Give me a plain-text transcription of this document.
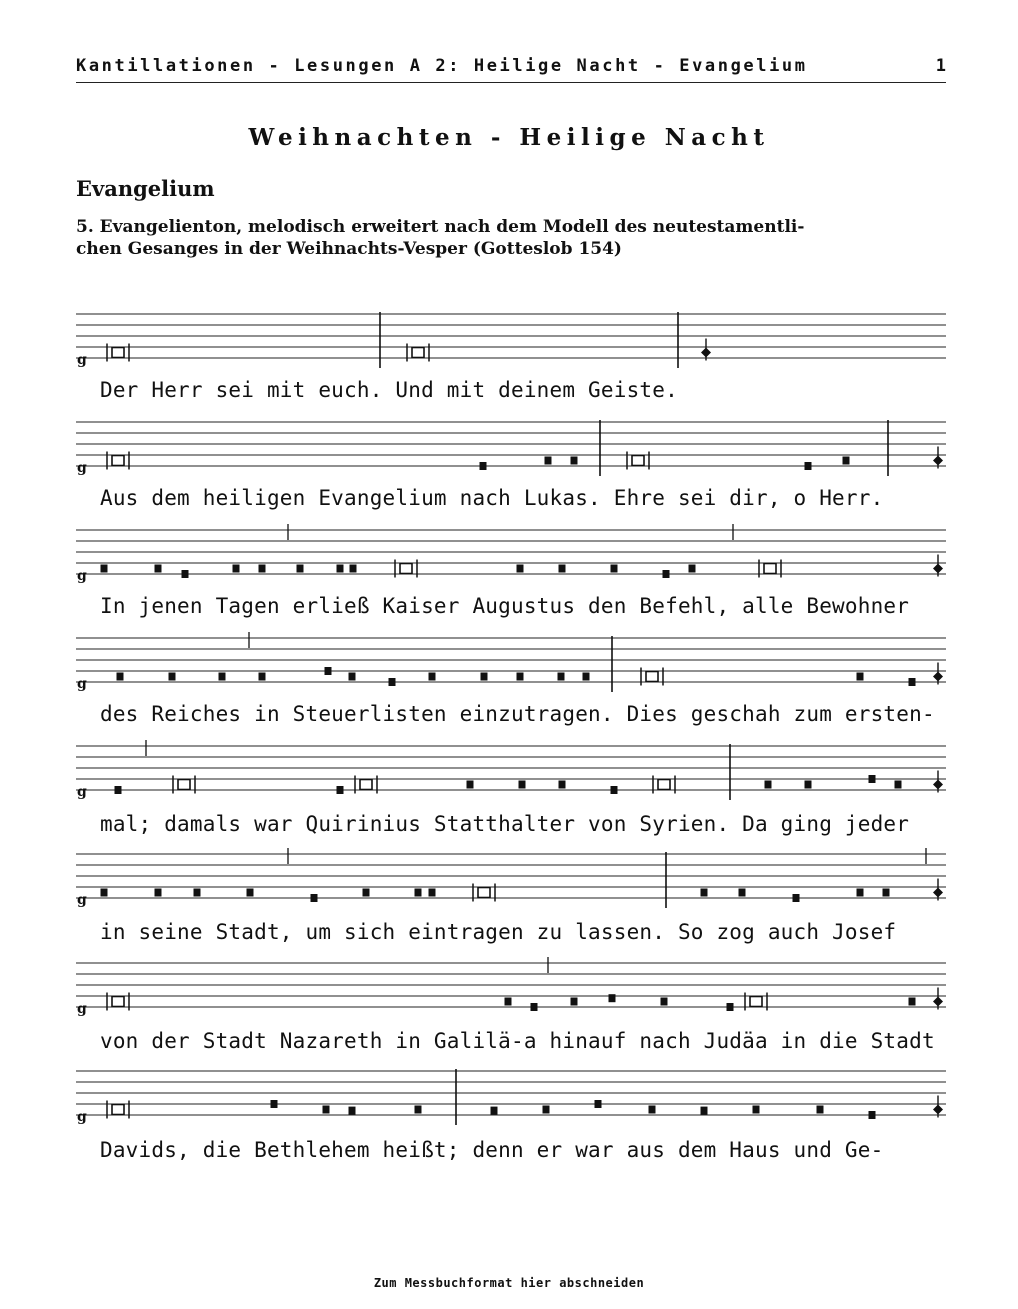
Kantillationen - Lesungen A 2: Heilige Nacht - Evangelium	1
Weihnachten - Heilige Nacht
Evangelium
5. Evangelienton, melodisch erweitert nach dem Modell des neutestamentli-
chen Gesanges in der Weihnachts-Vesper (Gotteslob 154)
g
g
g
g
g
g
g
g
Der Herr sei mit euch. Und mit deinem Geiste.
Aus dem heiligen Evangelium nach Lukas. Ehre sei dir, o Herr.
In jenen Tagen erließ Kaiser Augustus den Befehl, alle Bewohner
des Reiches in Steuerlisten einzutragen. Dies geschah zum ersten-
mal; damals war Quirinius Statthalter von Syrien. Da ging jeder
in seine Stadt, um sich eintragen zu lassen. So zog auch Josef
von der Stadt Nazareth in Galilä-a hinauf nach Judäa in die Stadt
Davids, die Bethlehem heißt; denn er war aus dem Haus und Ge-
Zum Messbuchformat hier abschneiden
